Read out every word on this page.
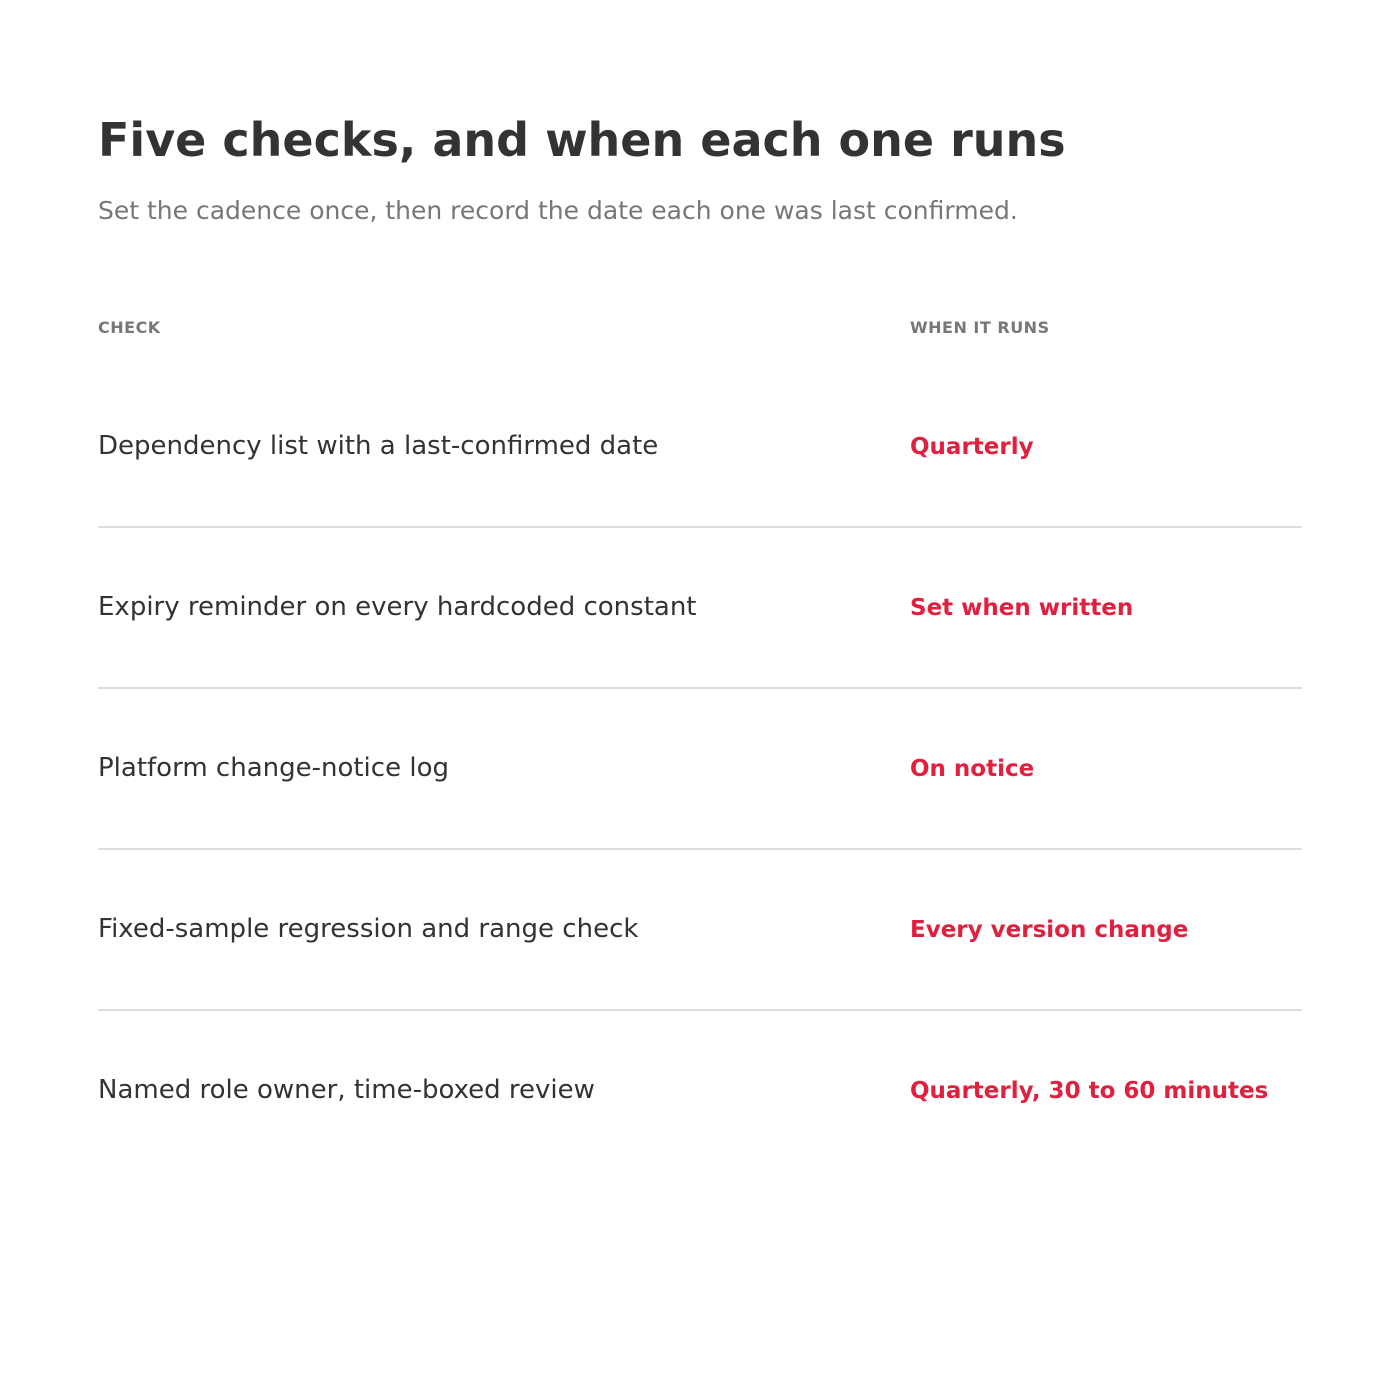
Five checks, and when each one runs

Set the cadence once, then record the date each one was last confirmed.

CHECK	WHEN IT RUNS
Dependency list with a last-confirmed date	Quarterly
Expiry reminder on every hardcoded constant	Set when written
Platform change-notice log	On notice
Fixed-sample regression and range check	Every version change
Named role owner, time-boxed review	Quarterly, 30 to 60 minutes
